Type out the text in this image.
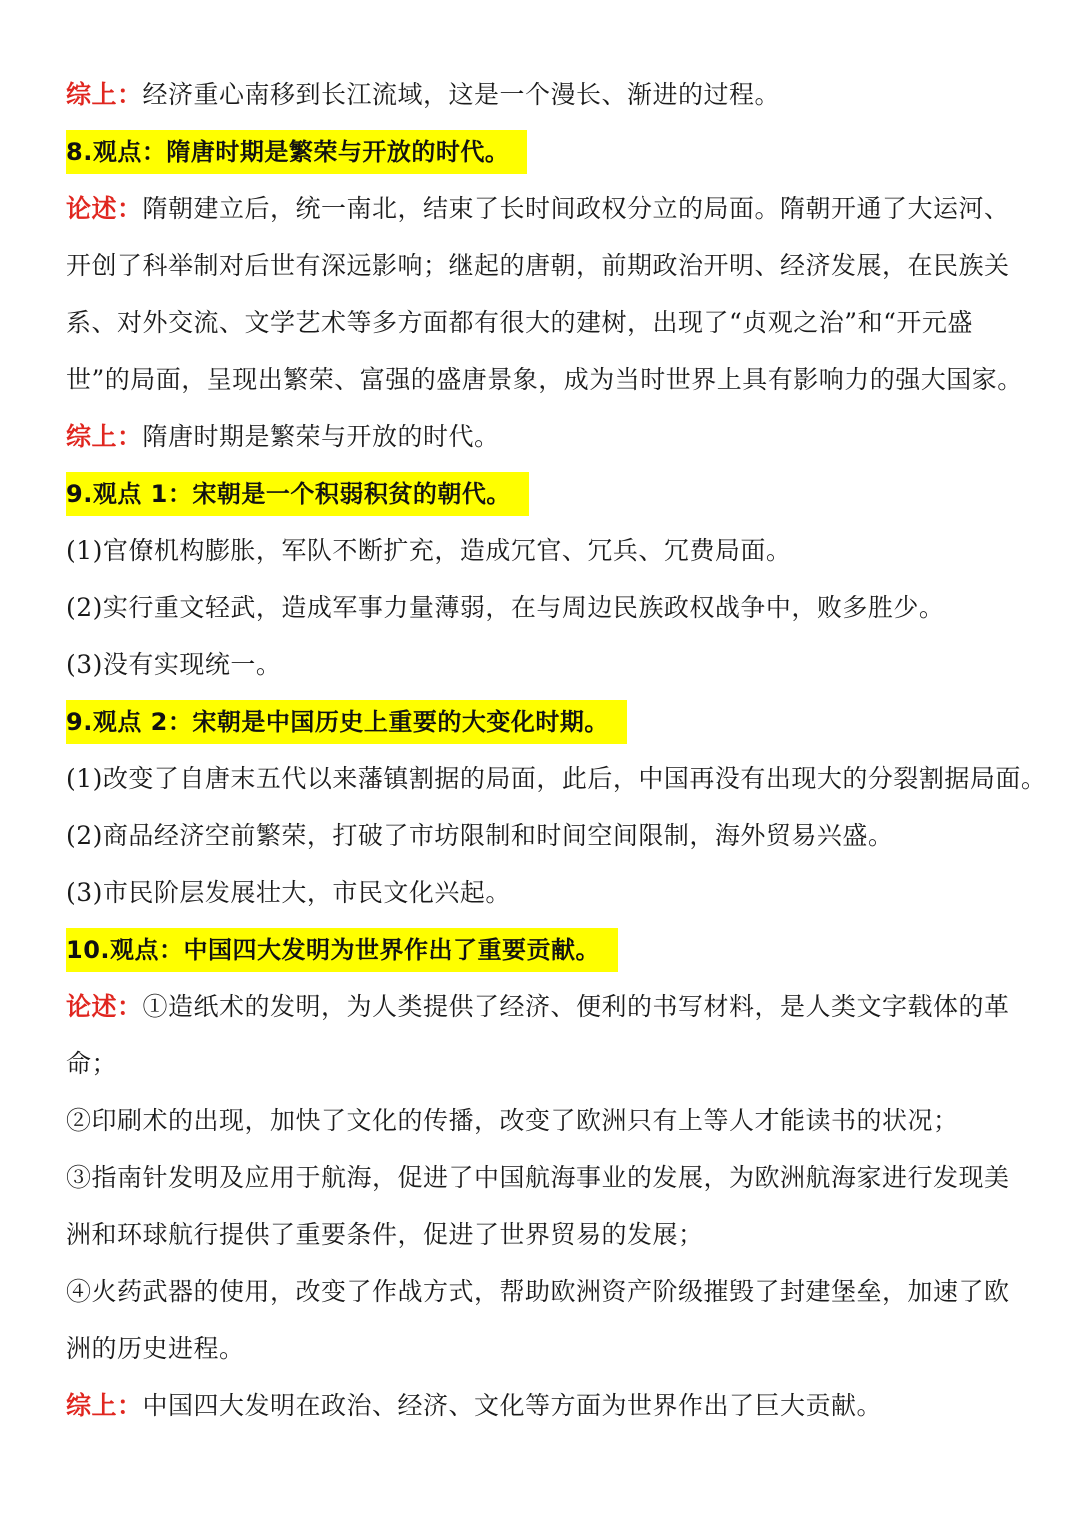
综上：经济重心南移到长江流域，这是一个漫长、渐进的过程。
8.观点：隋唐时期是繁荣与开放的时代。
论述：隋朝建立后，统一南北，结束了长时间政权分立的局面。隋朝开通了大运河、
开创了科举制对后世有深远影响；继起的唐朝，前期政治开明、经济发展，在民族关
系、对外交流、文学艺术等多方面都有很大的建树，出现了“贞观之治”和“开元盛
世”的局面，呈现出繁荣、富强的盛唐景象，成为当时世界上具有影响力的强大国家。
综上：隋唐时期是繁荣与开放的时代。
9.观点 1：宋朝是一个积弱积贫的朝代。
(1)官僚机构膨胀，军队不断扩充，造成冗官、冗兵、冗费局面。
(2)实行重文轻武，造成军事力量薄弱，在与周边民族政权战争中，败多胜少。
(3)没有实现统一。
9.观点 2：宋朝是中国历史上重要的大变化时期。
(1)改变了自唐末五代以来藩镇割据的局面，此后，中国再没有出现大的分裂割据局面。
(2)商品经济空前繁荣，打破了市坊限制和时间空间限制，海外贸易兴盛。
(3)市民阶层发展壮大，市民文化兴起。
10.观点：中国四大发明为世界作出了重要贡献。
论述：①造纸术的发明，为人类提供了经济、便利的书写材料，是人类文字载体的革
命；
②印刷术的出现，加快了文化的传播，改变了欧洲只有上等人才能读书的状况；
③指南针发明及应用于航海，促进了中国航海事业的发展，为欧洲航海家进行发现美
洲和环球航行提供了重要条件，促进了世界贸易的发展；
④火药武器的使用，改变了作战方式，帮助欧洲资产阶级摧毁了封建堡垒，加速了欧
洲的历史进程。
综上：中国四大发明在政治、经济、文化等方面为世界作出了巨大贡献。
